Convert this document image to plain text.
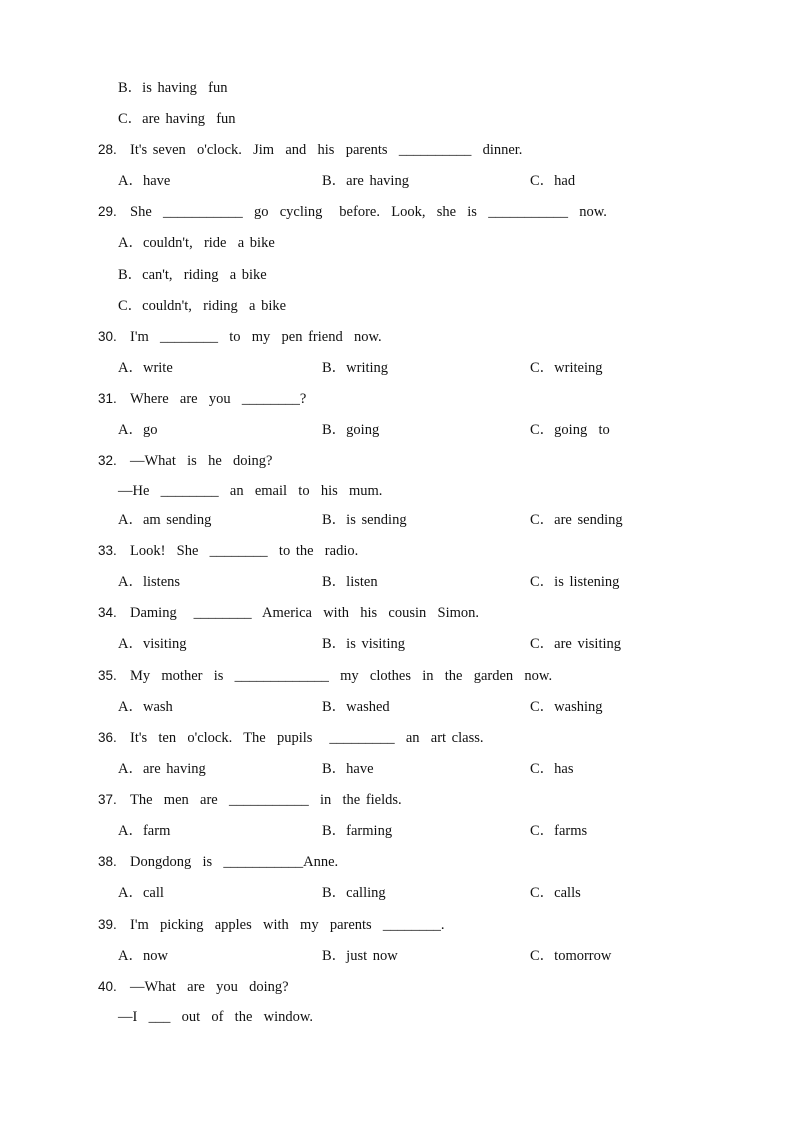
B．is having  fun
C．are having  fun
28. It's seven  o'clock.  Jim  and  his  parents  __________  dinner.
A．have	B．are having	C．had
29. She  ___________  go  cycling   before.  Look,  she  is  ___________  now.
A．couldn't,  ride  a bike
B．can't,  riding  a bike
C．couldn't,  riding  a bike
30. I'm  ________  to  my  pen friend  now.
A．write	B．writing	C．writeing
31. Where  are  you  ________?
A．go	B．going	C．going  to
32. —What  is  he  doing?
—He  ________  an  email  to  his  mum.
A．am sending	B．is sending	C．are sending
33. Look!  She  ________  to the  radio.
A．listens	B．listen	C．is listening
34. Daming   ________  America  with  his  cousin  Simon.
A．visiting	B．is visiting	C．are visiting
35. My  mother  is  _____________  my  clothes  in  the  garden  now.
A．wash	B．washed	C．washing
36. It's  ten  o'clock.  The  pupils   _________  an  art class.
A．are having	B．have	C．has
37. The  men  are  ___________  in  the fields.
A．farm	B．farming	C．farms
38. Dongdong  is  ___________Anne.
A．call	B．calling	C．calls
39. I'm  picking  apples  with  my  parents  ________.
A．now	B．just now	C．tomorrow
40. —What  are  you  doing?
—I  ___  out  of  the  window.
